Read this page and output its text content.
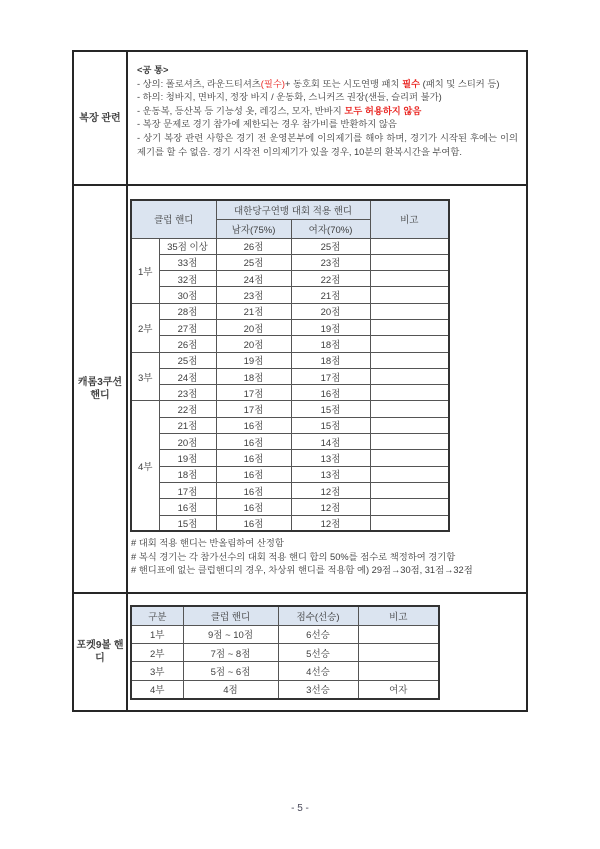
복장 관련
<공 통>
- 상의: 폴로셔츠, 라운드티셔츠(필수)+ 동호회 또는 시도연맹 패치 필수 (패치 및 스티커 등)
- 하의: 청바지, 면바지, 정장 바지 / 운동화, 스니커즈 권장(샌들, 슬리퍼 불가)
- 운동복, 등산복 등 기능성 옷, 레깅스, 모자, 반바지 모두 허용하지 않음
- 복장 문제로 경기 참가에 제한되는 경우 참가비를 반환하지 않음
- 상기 복장 관련 사항은 경기 전 운영본부에 이의제기를 해야 하며, 경기가 시작된 후에는 이의제기를 할 수 없음. 경기 시작전 이의제기가 있을 경우, 10분의 환복시간을 부여함.
캐롬3쿠션 핸디
클럽 핸디		대한당구연맹 대회 적용 핸디		비고
		남자(75%)	여자(70%)	
1부	35점 이상	26점	25점	
	33점	25점	23점	
	32점	24점	22점	
	30점	23점	21점	
2부	28점	21점	20점	
	27점	20점	19점	
	26점	20점	18점	
3부	25점	19점	18점	
	24점	18점	17점	
	23점	17점	16점	
4부	22점	17점	15점	
	21점	16점	15점	
	20점	16점	14점	
	19점	16점	13점	
	18점	16점	13점	
	17점	16점	12점	
	16점	16점	12점	
	15점	16점	12점	
# 대회 적용 핸디는 반올림하여 산정함
# 복식 경기는 각 참가선수의 대회 적용 핸디 합의 50%를 점수로 책정하여 경기함
# 핸디표에 없는 클럽핸디의 경우, 차상위 핸디를 적용함 예) 29점→30점, 31점→32점
포켓9볼 핸디
구분	클럽 핸디	점수(선승)	비고
1부	9점 ~ 10점	6선승	
2부	7점 ~ 8점	5선승	
3부	5점 ~ 6점	4선승	
4부	4점	3선승	여자
- 5 -
